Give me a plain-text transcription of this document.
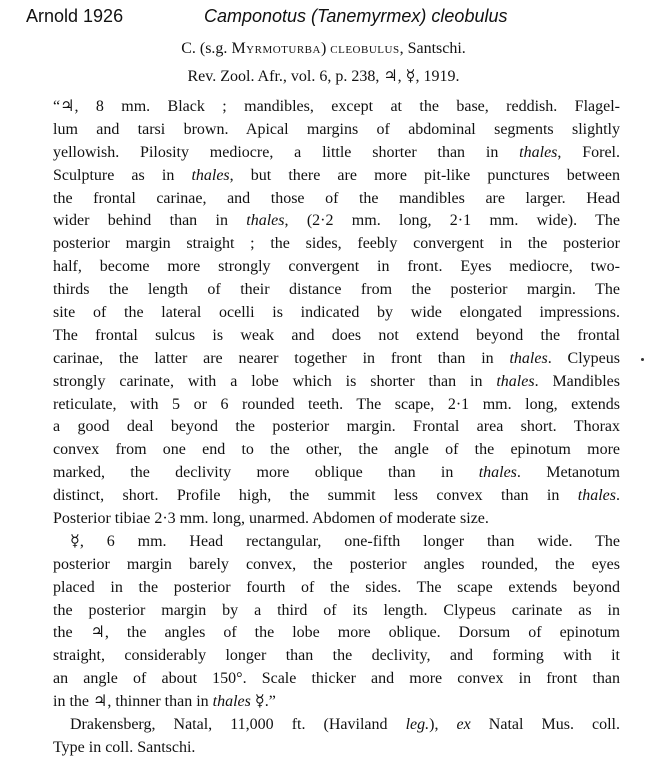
Arnold 1926	Camponotus (Tanemyrmex) cleobulus
C. (s.g. Myrmoturba) cleobulus, Santschi.
Rev. Zool. Afr., vol. 6, p. 238, ♃, ☿, 1919.
“♃, 8 mm. Black ; mandibles, except at the base, reddish. Flagel-
lum and tarsi brown. Apical margins of abdominal segments slightly
yellowish. Pilosity mediocre, a little shorter than in thales, Forel.
Sculpture as in thales, but there are more pit-like punctures between
the frontal carinae, and those of the mandibles are larger. Head
wider behind than in thales, (2·2 mm. long, 2·1 mm. wide). The
posterior margin straight ; the sides, feebly convergent in the posterior
half, become more strongly convergent in front. Eyes mediocre, two-
thirds the length of their distance from the posterior margin. The
site of the lateral ocelli is indicated by wide elongated impressions.
The frontal sulcus is weak and does not extend beyond the frontal
carinae, the latter are nearer together in front than in thales. Clypeus
strongly carinate, with a lobe which is shorter than in thales. Mandibles
reticulate, with 5 or 6 rounded teeth. The scape, 2·1 mm. long, extends
a good deal beyond the posterior margin. Frontal area short. Thorax
convex from one end to the other, the angle of the epinotum more
marked, the declivity more oblique than in thales. Metanotum
distinct, short. Profile high, the summit less convex than in thales.
Posterior tibiae 2·3 mm. long, unarmed. Abdomen of moderate size.
☿, 6 mm. Head rectangular, one-fifth longer than wide. The
posterior margin barely convex, the posterior angles rounded, the eyes
placed in the posterior fourth of the sides. The scape extends beyond
the posterior margin by a third of its length. Clypeus carinate as in
the ♃, the angles of the lobe more oblique. Dorsum of epinotum
straight, considerably longer than the declivity, and forming with it
an angle of about 150°. Scale thicker and more convex in front than
in the ♃, thinner than in thales ☿.”
Drakensberg, Natal, 11,000 ft. (Haviland leg.), ex Natal Mus. coll.
Type in coll. Santschi.
